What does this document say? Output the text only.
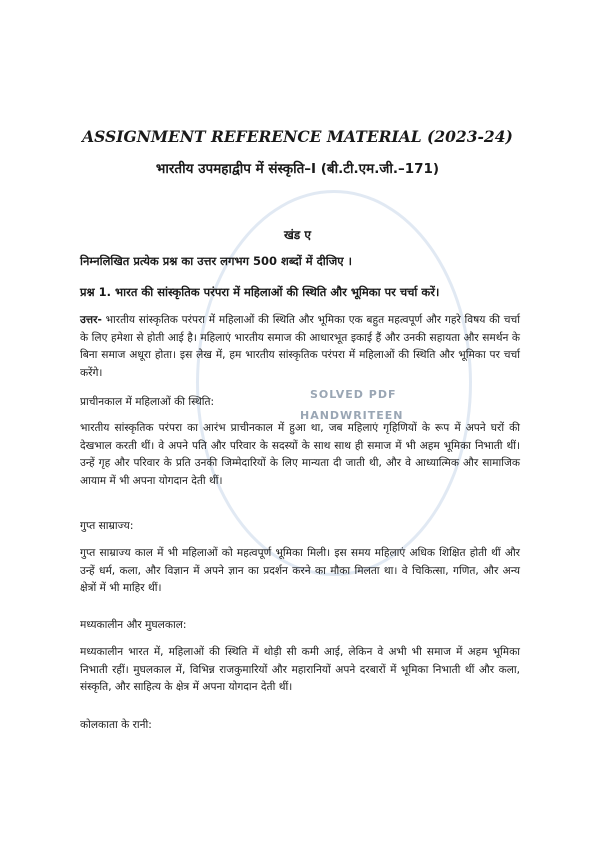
SOLVED PDF
HANDWRITEEN
ASSIGNMENT REFERENCE MATERIAL (2023-24)
भारतीय उपमहाद्वीप में संस्कृति–I (बी.टी.एम.जी.–171)
खंड ए

निम्नलिखित प्रत्येक प्रश्न का उत्तर लगभग 500 शब्दों में दीजिए ।

प्रश्न 1. भारत की सांस्कृतिक परंपरा में महिलाओं की स्थिति और भूमिका पर चर्चा करें।

उत्तर- भारतीय सांस्कृतिक परंपरा में महिलाओं की स्थिति और भूमिका एक बहुत महत्वपूर्ण और गहरे विषय की चर्चा के लिए हमेशा से होती आई है। महिलाएं भारतीय समाज की आधारभूत इकाई हैं और उनकी सहायता और समर्थन के बिना समाज अधूरा होता। इस लेख में, हम भारतीय सांस्कृतिक परंपरा में महिलाओं की स्थिति और भूमिका पर चर्चा करेंगे।

प्राचीनकाल में महिलाओं की स्थिति:

भारतीय सांस्कृतिक परंपरा का आरंभ प्राचीनकाल में हुआ था, जब महिलाएं गृहिणियों के रूप में अपने घरों की देखभाल करती थीं। वे अपने पति और परिवार के सदस्यों के साथ साथ ही समाज में भी अहम भूमिका निभाती थीं। उन्हें गृह और परिवार के प्रति उनकी जिम्मेदारियों के लिए मान्यता दी जाती थी, और वे आध्यात्मिक और सामाजिक आयाम में भी अपना योगदान देती थीं।

गुप्त साम्राज्य:

गुप्त साम्राज्य काल में भी महिलाओं को महत्वपूर्ण भूमिका मिली। इस समय महिलाएं अधिक शिक्षित होती थीं और उन्हें धर्म, कला, और विज्ञान में अपने ज्ञान का प्रदर्शन करने का मौका मिलता था। वे चिकित्सा, गणित, और अन्य क्षेत्रों में भी माहिर थीं।

मध्यकालीन और मुघलकाल:

मध्यकालीन भारत में, महिलाओं की स्थिति में थोड़ी सी कमी आई, लेकिन वे अभी भी समाज में अहम भूमिका निभाती रहीं। मुघलकाल में, विभिन्न राजकुमारियों और महारानियों अपने दरबारों में भूमिका निभाती थीं और कला, संस्कृति, और साहित्य के क्षेत्र में अपना योगदान देती थीं।

कोलकाता के रानी:
